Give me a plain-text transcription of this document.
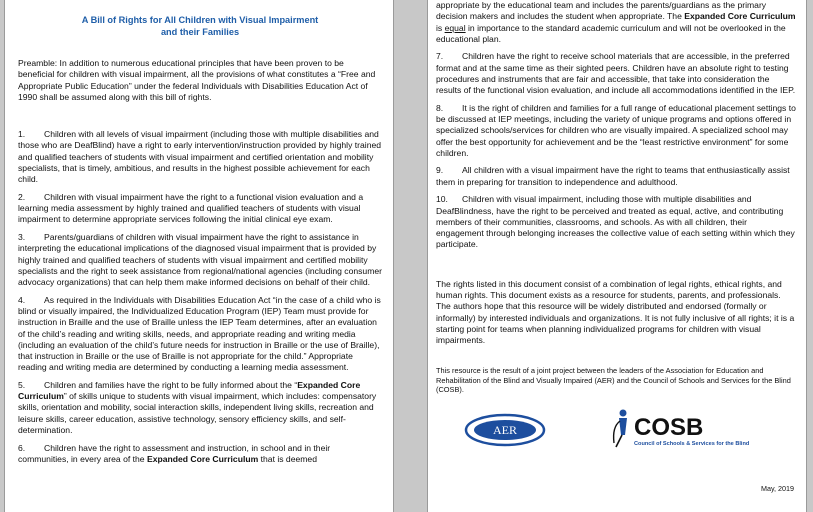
A Bill of Rights for All Children with Visual Impairment
and their Families

Preamble: In addition to numerous educational principles that have been proven to be beneficial for children with visual impairment, all the provisions of what constitutes a “Free and Appropriate Public Education” under the federal Individuals with Disabilities Education Act of 1990 shall be assumed along with this bill of rights.

1. Children with all levels of visual impairment (including those with multiple disabilities and those who are DeafBlind) have a right to early intervention/instruction provided by highly trained and qualified teachers of students with visual impairment and certified orientation and mobility specialists, that is timely, ambitious, and results in the highest possible achievement for each child.

2. Children with visual impairment have the right to a functional vision evaluation and a learning media assessment by highly trained and qualified teachers of students with visual impairment to determine appropriate services following the initial clinical eye exam.

3. Parents/guardians of children with visual impairment have the right to assistance in interpreting the educational implications of the diagnosed visual impairment that is provided by highly trained and qualified teachers of students with visual impairment and certified mobility specialists and the right to seek assistance from regional/national agencies (including consumer advocacy organizations) that can help them make informed decisions on behalf of their child.

4. As required in the Individuals with Disabilities Education Act “in the case of a child who is blind or visually impaired, the Individualized Education Program (IEP) Team must provide for instruction in Braille and the use of Braille unless the IEP Team determines, after an evaluation of the child’s reading and writing skills, needs, and appropriate reading and writing media (including an evaluation of the child’s future needs for instruction in Braille or the use of Braille), that instruction in Braille or the use of Braille is not appropriate for the child.” Appropriate reading and writing media are determined by conducting a learning media assessment.

5. Children and families have the right to be fully informed about the “Expanded Core Curriculum” of skills unique to students with visual impairment, which includes: compensatory skills, orientation and mobility, social interaction skills, independent living skills, recreation and leisure skills, career education, assistive technology, sensory efficiency skills, and self-determination.

6. Children have the right to assessment and instruction, in school and in their communities, in every area of the Expanded Core Curriculum that is deemed

appropriate by the educational team and includes the parents/guardians as the primary decision makers and includes the student when appropriate. The Expanded Core Curriculum is equal in importance to the standard academic curriculum and will not be overlooked in the educational plan.

7. Children have the right to receive school materials that are accessible, in the preferred format and at the same time as their sighted peers. Children have an absolute right to testing procedures and instruments that are fair and accessible, that take into consideration the results of the functional vision evaluation, and include all accommodations identified in the IEP.

8. It is the right of children and families for a full range of educational placement settings to be discussed at IEP meetings, including the variety of unique programs and options offered in specialized schools/services for children who are visually impaired. A specialized school may offer the best opportunity for achievement and be the “least restrictive environment” for some children.

9. All children with a visual impairment have the right to teams that enthusiastically assist them in preparing for transition to independence and adulthood.

10. Children with visual impairment, including those with multiple disabilities and DeafBlindness, have the right to be perceived and treated as equal, active, and contributing members of their communities, classrooms, and schools. As with all children, their engagement through belonging increases the collective value of each setting within which they participate.

The rights listed in this document consist of a combination of legal rights, ethical rights, and human rights. This document exists as a resource for students, parents, and professionals. The authors hope that this resource will be widely distributed and endorsed (formally or informally) by interested individuals and organizations. It is not fully inclusive of all rights; it is a starting point for teams when planning individualized programs for children with visual impairments.

This resource is the result of a joint project between the leaders of the Association for Education and Rehabilitation of the Blind and Visually Impaired (AER) and the Council of Schools and Services for the Blind (COSB).

AER	COSB
Council of Schools & Services for the Blind
May, 2019
